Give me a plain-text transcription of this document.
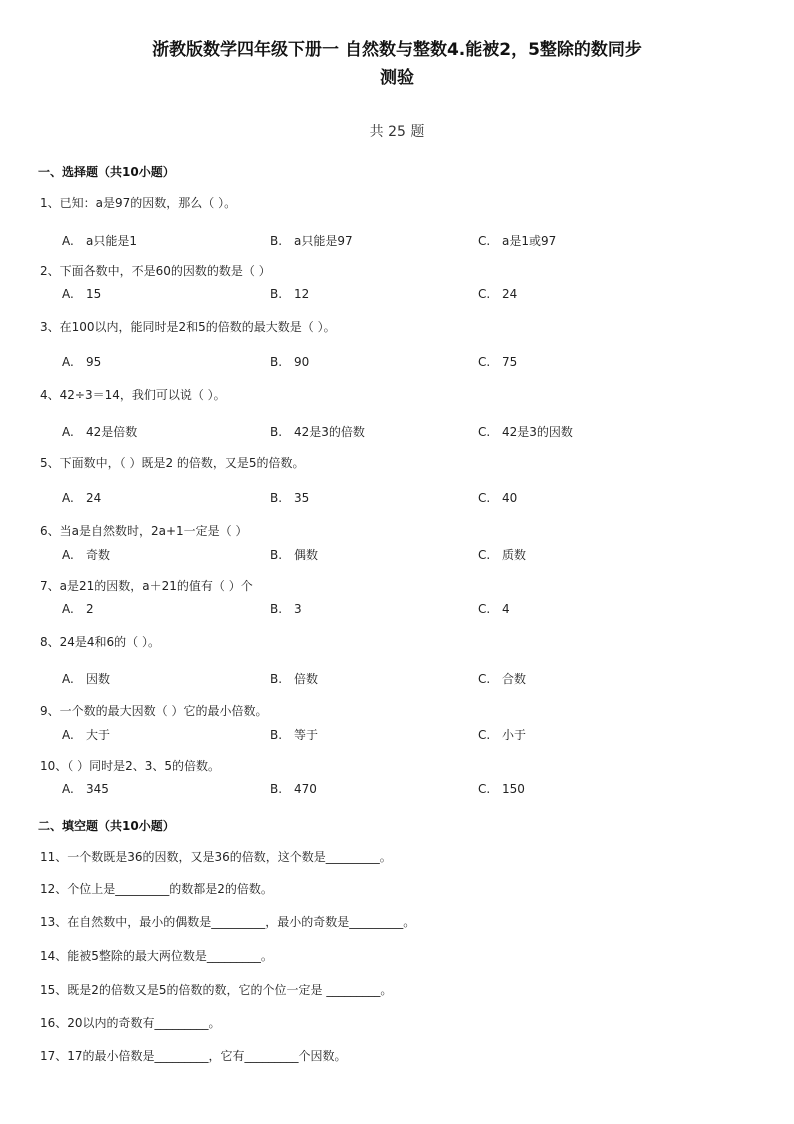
浙教版数学四年级下册一 自然数与整数4.能被2，5整除的数同步
测验
共 25 题
一、选择题（共10小题）
1、已知：a是97的因数，那么（ ）。
A. a只能是1	B. a只能是97	C. a是1或97
2、下面各数中，不是60的因数的数是（ ）
A. 15	B. 12	C. 24
3、在100以内，能同时是2和5的倍数的最大数是（ ）。
A. 95	B. 90	C. 75
4、42÷3＝14，我们可以说（ ）。
A. 42是倍数	B. 42是3的倍数	C. 42是3的因数
5、下面数中，（ ）既是2 的倍数，又是5的倍数。
A. 24	B. 35	C. 40
6、当a是自然数时，2a+1一定是（ ）
A. 奇数	B. 偶数	C. 质数
7、a是21的因数，a＋21的值有（ ）个
A. 2	B. 3	C. 4
8、24是4和6的（ ）。
A. 因数	B. 倍数	C. 合数
9、一个数的最大因数（ ）它的最小倍数。
A. 大于	B. 等于	C. 小于
10、（ ）同时是2、3、5的倍数。
A. 345	B. 470	C. 150
二、填空题（共10小题）
11、一个数既是36的因数，又是36的倍数，这个数是_________。
12、个位上是_________的数都是2的倍数。
13、在自然数中，最小的偶数是_________，最小的奇数是_________。
14、能被5整除的最大两位数是_________。
15、既是2的倍数又是5的倍数的数，它的个位一定是 _________。
16、20以内的奇数有_________。
17、17的最小倍数是_________，它有_________个因数。
